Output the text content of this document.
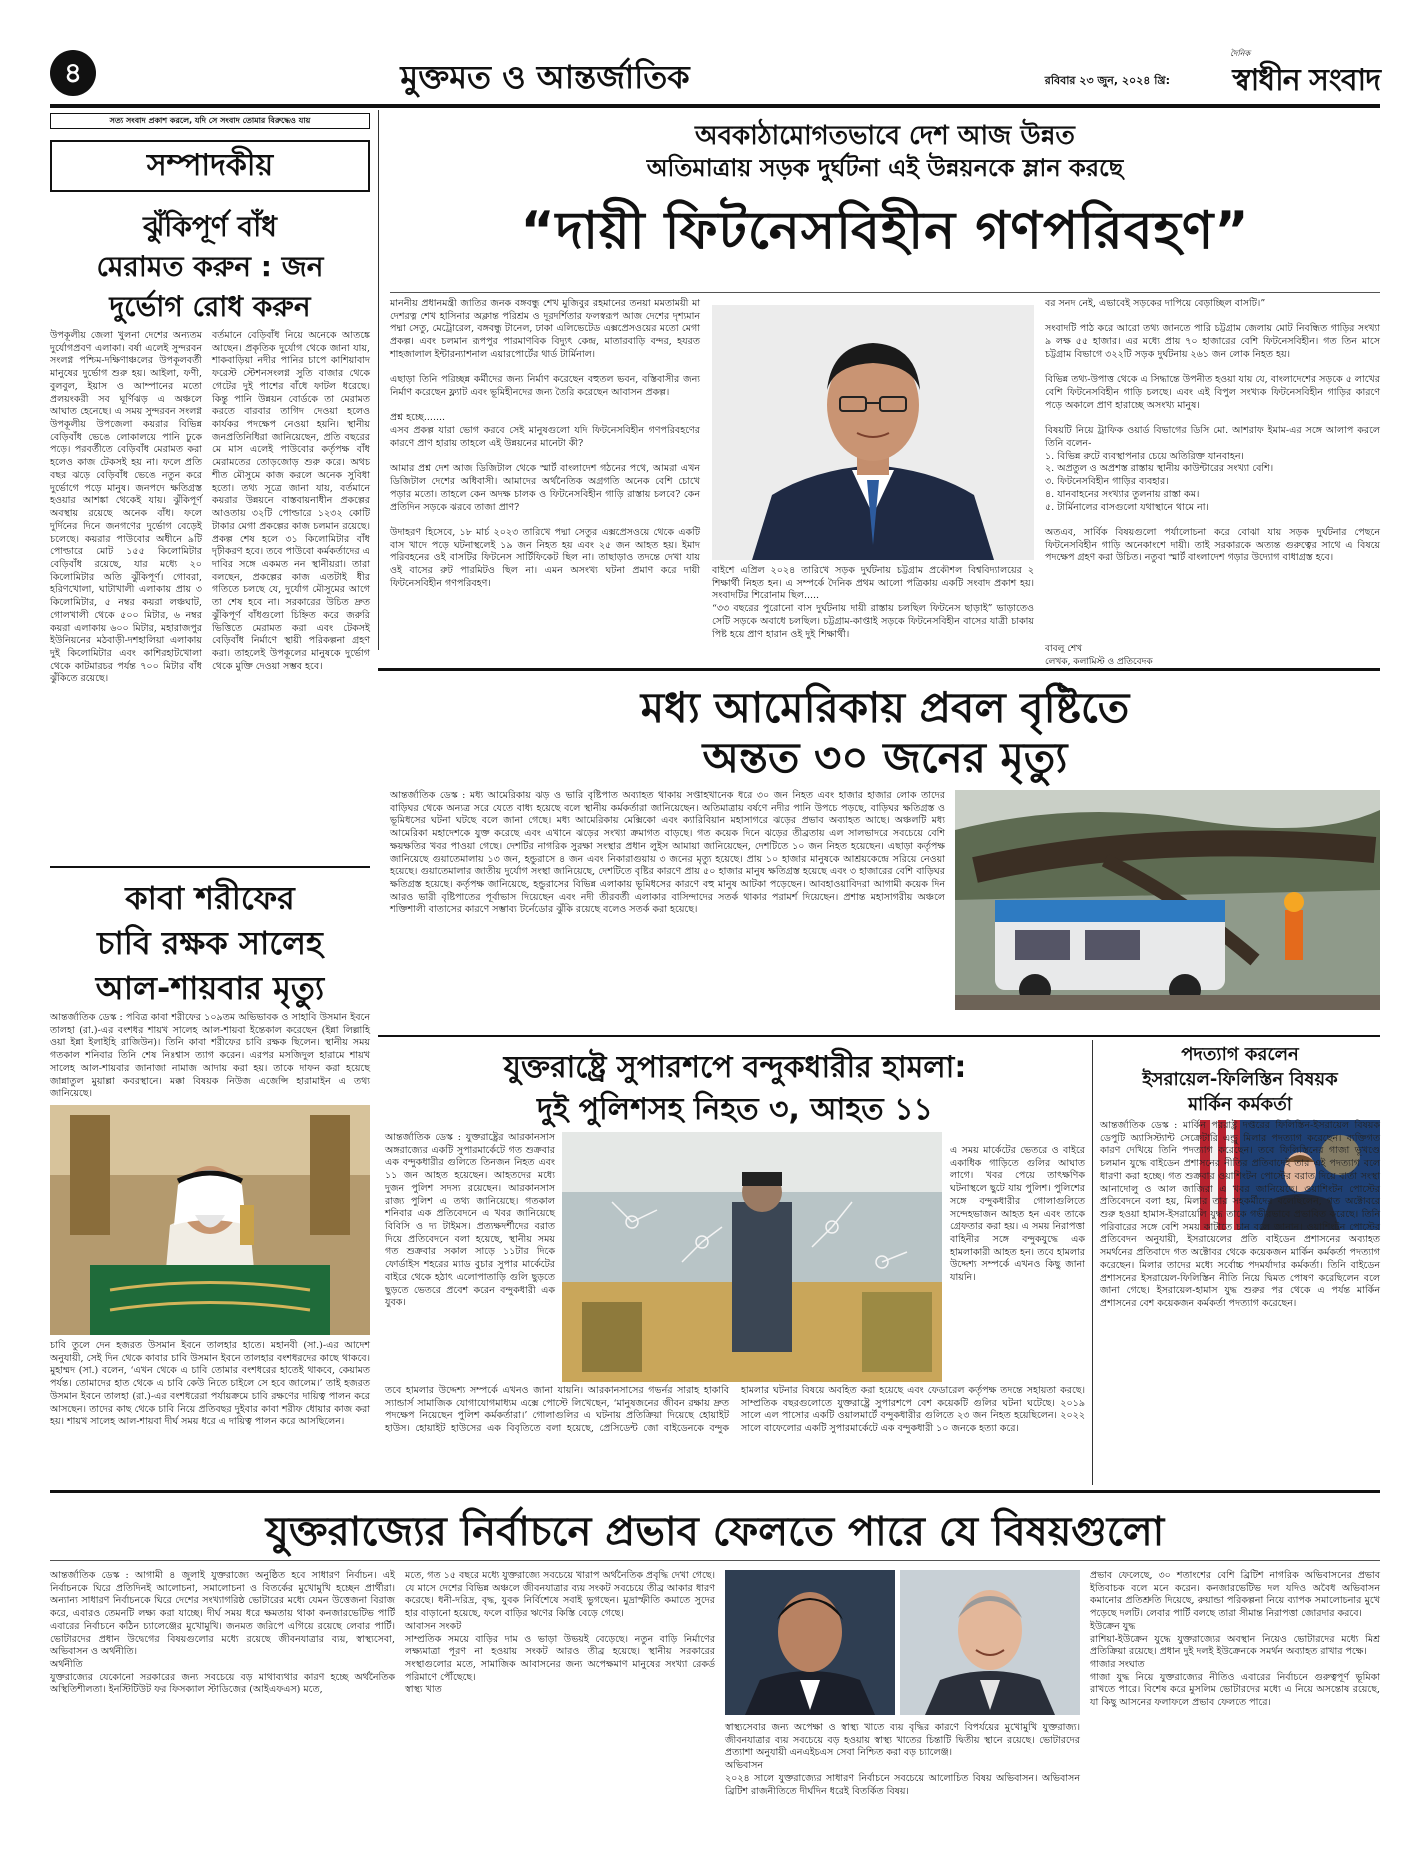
৪	মুক্তমত ও আন্তর্জাতিক	রবিবার ২৩ জুন, ২০২৪ খ্রি:
দৈনিক
স্বাধীন সংবাদ
সত্য সংবাদ প্রকাশ করলে, যদি সে সংবাদ তোমার বিরুদ্ধেও যায়
সম্পাদকীয়
ঝুঁকিপূর্ণ বাঁধ
মেরামত করুন : জন
দুর্ভোগ রোধ করুন
উপকূলীয় জেলা খুলনা দেশের অন্যতম দুর্যোগপ্রবণ এলাকা। বর্ষা এলেই সুন্দরবন সংলগ্ন পশ্চিম-দক্ষিণাঞ্চলের উপকূলবর্তী মানুষের দুর্ভোগ শুরু হয়। আইলা, ফণী, বুলবুল, ইয়াস ও আম্পানের মতো প্রলয়ংকরী সব ঘূর্ণিঝড় এ অঞ্চলে আঘাত হেনেছে। এ সময় সুন্দরবন সংলগ্ন উপকূলীয় উপজেলা কয়রার বিভিন্ন বেড়িবাঁধ ভেঙে লোকালয়ে পানি ঢুকে পড়ে। পরবর্তীতে বেড়িবাঁধ মেরামত করা হলেও কাজ টেকসই হয় না। ফলে প্রতি বছর ঝড়ে বেড়িবাঁধ ভেঙে নতুন করে দুর্ভোগে পড়ে মানুষ। জনপদে ক্ষতিগ্রস্ত হওয়ার আশঙ্কা থেকেই যায়। ঝুঁকিপূর্ণ অবস্থায় রয়েছে অনেক বাঁধ। ফলে দুর্দিনের দিনে জনগণের দুর্ভোগ বেড়েই চলেছে। কয়রার পাউবোর অধীনে ৯টি পোল্ডারে মোট ১৫৫ কিলোমিটার বেড়িবাঁধ রয়েছে, যার মধ্যে ২০ কিলোমিটার অতি ঝুঁকিপূর্ণ। গোবরা, হরিণখোলা, ঘাটাখালী এলাকায় প্রায় ৩ কিলোমিটার, ৫ নম্বর কয়রা লঞ্চঘাট, গোলখালী থেকে ৫০০ মিটার, ৬ নম্বর কয়রা এলাকায় ৬০০ মিটার, মহারাজপুর ইউনিয়নের মঠবাড়ী-দশহালিয়া এলাকায় দুই কিলোমিটার এবং কাশিরহাটখোলা থেকে কাটমারচর পর্যন্ত ৭০০ মিটার বাঁধ ঝুঁকিতে রয়েছে।
বর্তমানে বেড়িবাঁধ নিয়ে অনেকে আতঙ্কে আছেন। প্রকৃতিক দুর্যোগ থেকে জানা যায়, শাকবাড়িয়া নদীর পানির চাপে কাশিয়াবাদ ফরেস্ট স্টেশনসংলগ্ন সুতি বাজার থেকে গেটের দুই পাশের বাঁধে ফাটল ধরেছে। কিন্তু পানি উন্নয়ন বোর্ডকে তা মেরামত করতে বারবার তাগিদ দেওয়া হলেও কার্যকর পদক্ষেপ নেওয়া হয়নি। স্থানীয় জনপ্রতিনিধিরা জানিয়েছেন, প্রতি বছরের মে মাস এলেই পাউবোর কর্তৃপক্ষ বাঁধ মেরামতের তোড়জোড় শুরু করে। অথচ শীত মৌসুমে কাজ করলে অনেক সুবিধা হতো। তথ্য সূত্রে জানা যায়, বর্তমানে কয়রার উন্নয়নে বাস্তবায়নাধীন প্রকল্পের আওতায় ৩২টি পোল্ডারে ১২৩২ কোটি টাকার মেগা প্রকল্পের কাজ চলমান রয়েছে। প্রকল্প শেষ হলে ৩১ কিলোমিটার বাঁধ দৃঢ়ীকরণ হবে। তবে পাউবো কর্মকর্তাদের এ দাবির সঙ্গে একমত নন স্থানীয়রা। তারা বলছেন, প্রকল্পের কাজ এতটাই ধীর গতিতে চলছে যে, দুর্যোগ মৌসুমের আগে তা শেষ হবে না। সরকারের উচিত দ্রুত ঝুঁকিপূর্ণ বাঁধগুলো চিহ্নিত করে জরুরি ভিত্তিতে মেরামত করা এবং টেকসই বেড়িবাঁধ নির্মাণে স্থায়ী পরিকল্পনা গ্রহণ করা। তাহলেই উপকূলের মানুষকে দুর্ভোগ থেকে মুক্তি দেওয়া সম্ভব হবে।
অবকাঠামোগতভাবে দেশ আজ উন্নত
অতিমাত্রায় সড়ক দুর্ঘটনা এই উন্নয়নকে ম্লান করছে
“দায়ী ফিটনেসবিহীন গণপরিবহণ”
মাননীয় প্রধানমন্ত্রী জাতির জনক বঙ্গবন্ধু শেখ মুজিবুর রহমানের তনয়া মমতাময়ী মা দেশরত্ন শেখ হাসিনার অক্লান্ত পরিশ্রম ও দূরদর্শিতার ফলস্বরূপ আজ দেশের দৃশ্যমান পদ্মা সেতু, মেট্রোরেল, বঙ্গবন্ধু টানেল, ঢাকা এলিভেটেড এক্সপ্রেসওয়ের মতো মেগা প্রকল্প। এবং চলমান রূপপুর পারমাণবিক বিদ্যুৎ কেন্দ্র, মাতারবাড়ি বন্দর, হযরত শাহজালাল ইন্টারন্যাশনাল এয়ারপোর্টের থার্ড টার্মিনাল।

এছাড়া তিনি পরিচ্ছন্ন কর্মীদের জন্য নির্মাণ করেছেন বহুতল ভবন, বস্তিবাসীর জন্য নির্মাণ করেছেন ফ্ল্যাট এবং ভূমিহীনদের জন্য তৈরি করেছেন আবাসন প্রকল্প।

প্রশ্ন হচ্ছে.......
এসব প্রকল্প যারা ভোগ করবে সেই মানুষগুলো যদি ফিটনেসবিহীন গণপরিবহণের কারণে প্রাণ হারায় তাহলে এই উন্নয়নের মানেটা কী?

আমার প্রশ্ন দেশ আজ ডিজিটাল থেকে স্মার্ট বাংলাদেশ গঠনের পথে, আমরা এখন ডিজিটাল দেশের অধিবাসী। আমাদের অর্থনৈতিক অগ্রগতি অনেক বেশি চোখে পড়ার মতো। তাহলে কেন অদক্ষ চালক ও ফিটনেসবিহীন গাড়ি রাস্তায় চলবে? কেন প্রতিদিন সড়কে ঝরবে তাজা প্রাণ?

উদাহরণ হিসেবে, ১৮ মার্চ ২০২৩ তারিখে পদ্মা সেতুর এক্সপ্রেসওয়ে থেকে একটি বাস খাদে পড়ে ঘটনাস্থলেই ১৯ জন নিহত হয় এবং ২৫ জন আহত হয়। ইমাদ পরিবহনের ওই বাসটির ফিটনেস সার্টিফিকেট ছিল না। তাছাড়াও তদন্তে দেখা যায় ওই বাসের রুট পারমিটও ছিল না। এমন অসংখ্য ঘটনা প্রমাণ করে দায়ী ফিটনেসবিহীন গণপরিবহণ।
বাইশে এপ্রিল ২০২৪ তারিখে সড়ক দুর্ঘটনায় চট্টগ্রাম প্রকৌশল বিশ্ববিদ্যালয়ের ২ শিক্ষার্থী নিহত হন। এ সম্পর্কে দৈনিক প্রথম আলো পত্রিকায় একটি সংবাদ প্রকাশ হয়। সংবাদটির শিরোনাম ছিল.....
“৩৩ বছরের পুরোনো বাস দুর্ঘটনায় দায়ী রাস্তায় চলছিল ফিটনেস ছাড়াই” ভাড়াতেও সেটি সড়কে অবাধে চলছিল। চট্টগ্রাম-কাপ্তাই সড়কে ফিটনেসবিহীন বাসের যাত্রী চাকায় পিষ্ট হয়ে প্রাণ হারান ওই দুই শিক্ষার্থী।
বর সনদ নেই, এভাবেই সড়কের দাপিয়ে বেড়াচ্ছিল বাসটি।”

সংবাদটি পাঠ করে আরো তথ্য জানতে পারি চট্টগ্রাম জেলায় মোট নিবন্ধিত গাড়ির সংখ্যা ৯ লক্ষ ৫৫ হাজার। এর মধ্যে প্রায় ৭০ হাজারের বেশি ফিটনেসবিহীন। গত তিন মাসে চট্টগ্রাম বিভাগে ৩২২টি সড়ক দুর্ঘটনায় ২৬১ জন লোক নিহত হয়।

বিভিন্ন তথ্য-উপাত্ত থেকে এ সিদ্ধান্তে উপনীত হওয়া যায় যে, বাংলাদেশের সড়কে ৫ লাখের বেশি ফিটনেসবিহীন গাড়ি চলছে। এবং এই বিপুল সংখ্যক ফিটনেসবিহীন গাড়ির কারণে পড়ে অকালে প্রাণ হারাচ্ছে অসংখ্য মানুষ।

বিষয়টি নিয়ে ট্রাফিক ওয়ার্ড বিভাগের ডিসি মো. আশরাফ ইমাম-এর সঙ্গে আলাপ করলে তিনি বলেন-
১. বিভিন্ন রুটে ব্যবস্থাপনার চেয়ে অতিরিক্ত যানবাহন।
২. অপ্রতুল ও অপ্রশস্ত রাস্তায় স্থানীয় কাউন্টারের সংখ্যা বেশি।
৩. ফিটনেসবিহীন গাড়ির ব্যবহার।
৪. যানবাহনের সংখ্যার তুলনায় রাস্তা কম।
৫. টার্মিনালের বাসগুলো যথাস্থানে থামে না।

অতএব, সার্বিক বিষয়গুলো পর্যালোচনা করে বোঝা যায় সড়ক দুর্ঘটনার পেছনে ফিটনেসবিহীন গাড়ি অনেকাংশে দায়ী। তাই সরকারকে অত্যন্ত গুরুত্বের সাথে এ বিষয়ে পদক্ষেপ গ্রহণ করা উচিত। নতুবা স্মার্ট বাংলাদেশ গড়ার উদ্যোগ বাধাগ্রস্ত হবে।
বাবলু শেখ
লেখক, কলামিস্ট ও প্রতিবেদক
মধ্য আমেরিকায় প্রবল বৃষ্টিতে
অন্তত ৩০ জনের মৃত্যু
আন্তর্জাতিক ডেস্ক : মধ্য আমেরিকায় ঝড় ও ভারি বৃষ্টিপাত অব্যাহত থাকায় সপ্তাহখানেক ধরে ৩০ জন নিহত এবং হাজার হাজার লোক তাদের বাড়িঘর থেকে অন্যত্র সরে যেতে বাধ্য হয়েছে বলে স্থানীয় কর্মকর্তারা জানিয়েছেন। অতিমাত্রায় বর্ষণে নদীর পানি উপচে পড়ছে, বাড়িঘর ক্ষতিগ্রস্ত ও ভূমিধসের ঘটনা ঘটছে বলে জানা গেছে। মধ্য আমেরিকায় মেক্সিকো এবং ক্যারিবিয়ান মহাসাগরে ঝড়ের প্রভাব অব্যাহত আছে। অঞ্চলটি মধ্য আমেরিকা মহাদেশকে যুক্ত করেছে এবং এখানে ঝড়ের সংখ্যা ক্রমাগত বাড়ছে। গত কয়েক দিনে ঝড়ের তীব্রতায় এল সালভাদরে সবচেয়ে বেশি ক্ষয়ক্ষতির খবর পাওয়া গেছে। দেশটির নাগরিক সুরক্ষা সংস্থার প্রধান লুইস আমায়া জানিয়েছেন, দেশটিতে ১০ জন নিহত হয়েছেন। এছাড়া কর্তৃপক্ষ জানিয়েছে গুয়াতেমালায় ১৩ জন, হন্ডুরাসে ৪ জন এবং নিকারাগুয়ায় ৩ জনের মৃত্যু হয়েছে। প্রায় ১০ হাজার মানুষকে আশ্রয়কেন্দ্রে সরিয়ে নেওয়া হয়েছে। গুয়াতেমালার জাতীয় দুর্যোগ সংস্থা জানিয়েছে, দেশটিতে বৃষ্টির কারণে প্রায় ৫০ হাজার মানুষ ক্ষতিগ্রস্ত হয়েছে এবং ৩ হাজারের বেশি বাড়িঘর ক্ষতিগ্রস্ত হয়েছে। কর্তৃপক্ষ জানিয়েছে, হন্ডুরাসের বিভিন্ন এলাকায় ভূমিধসের কারণে বহু মানুষ আটকা পড়েছেন। আবহাওয়াবিদরা আগামী কয়েক দিন আরও ভারী বৃষ্টিপাতের পূর্বাভাস দিয়েছেন এবং নদী তীরবর্তী এলাকার বাসিন্দাদের সতর্ক থাকার পরামর্শ দিয়েছেন। প্রশান্ত মহাসাগরীয় অঞ্চলে শক্তিশালী বাতাসের কারণে সম্ভাব্য টর্নেডোর ঝুঁকি রয়েছে বলেও সতর্ক করা হয়েছে।
কাবা শরীফের
চাবি রক্ষক সালেহ
আল-শায়বার মৃত্যু
আন্তর্জাতিক ডেস্ক : পবিত্র কাবা শরীফের ১০৯তম অভিভাবক ও সাহাবি উসমান ইবনে তালহা (রা.)-এর বংশধর শায়খ সালেহ আল-শায়বা ইন্তেকাল করেছেন (ইন্না লিল্লাহি ওয়া ইন্না ইলাইহি রাজিউন)। তিনি কাবা শরীফের চাবি রক্ষক ছিলেন। স্থানীয় সময় গতকাল শনিবার তিনি শেষ নিঃশ্বাস ত্যাগ করেন। এরপর মসজিদুল হারামে শায়খ সালেহ আল-শায়বার জানাজা নামাজ আদায় করা হয়। তাকে দাফন করা হয়েছে জান্নাতুল মুয়াল্লা কবরস্থানে। মক্কা বিষয়ক নিউজ এজেন্সি হারামাইন এ তথ্য জানিয়েছে।
চাবি তুলে দেন হজরত উসমান ইবনে তালহার হাতে। মহানবী (সা.)-এর আদেশ অনুযায়ী, সেই দিন থেকে কাবার চাবি উসমান ইবনে তালহার বংশধরদের কাছে থাকবে। মুহাম্মদ (সা.) বলেন, ‘এখন থেকে এ চাবি তোমার বংশধরের হাতেই থাকবে, কেয়ামত পর্যন্ত। তোমাদের হাত থেকে এ চাবি কেউ নিতে চাইলে সে হবে জালেম।’ তাই হজরত উসমান ইবনে তালহা (রা.)-এর বংশধরেরা পর্যায়ক্রমে চাবি রক্ষণের দায়িত্ব পালন করে আসছেন। তাদের কাছ থেকে চাবি নিয়ে প্রতিবছর দুইবার কাবা শরীফ ধোয়ার কাজ করা হয়। শায়খ সালেহ আল-শায়বা দীর্ঘ সময় ধরে এ দায়িত্ব পালন করে আসছিলেন।
যুক্তরাষ্ট্রে সুপারশপে বন্দুকধারীর হামলা:
দুই পুলিশসহ নিহত ৩, আহত ১১
আন্তর্জাতিক ডেস্ক : যুক্তরাষ্ট্রের আরকানসাস অঙ্গরাজ্যের একটি সুপারমার্কেটে গত শুক্রবার এক বন্দুকধারীর গুলিতে তিনজন নিহত এবং ১১ জন আহত হয়েছেন। আহতদের মধ্যে দুজন পুলিশ সদস্য রয়েছেন। আরকানসাস রাজ্য পুলিশ এ তথ্য জানিয়েছে। গতকাল শনিবার এক প্রতিবেদনে এ খবর জানিয়েছে বিবিসি ও দ্য টাইমস। প্রত্যক্ষদর্শীদের বরাত দিয়ে প্রতিবেদনে বলা হয়েছে, স্থানীয় সময় গত শুক্রবার সকাল সাড়ে ১১টার দিকে ফোর্ডাইস শহরের ম্যাড বুচার সুপার মার্কেটের বাইরে থেকে হঠাৎ এলোপাতাড়ি গুলি ছুড়তে ছুড়তে ভেতরে প্রবেশ করেন বন্দুকধারী এক যুবক।
এ সময় মার্কেটের ভেতরে ও বাইরে একাধিক গাড়িতে গুলির আঘাত লাগে। খবর পেয়ে তাৎক্ষণিক ঘটনাস্থলে ছুটে যায় পুলিশ। পুলিশের সঙ্গে বন্দুকধারীর গোলাগুলিতে সন্দেহভাজন আহত হন এবং তাকে গ্রেফতার করা হয়। এ সময় নিরাপত্তা বাহিনীর সঙ্গে বন্দুকযুদ্ধে এক হামলাকারী আহত হন। তবে হামলার উদ্দেশ্য সম্পর্কে এখনও কিছু জানা যায়নি।
তবে হামলার উদ্দেশ্য সম্পর্কে এখনও জানা যায়নি। আরকানসাসের গভর্নর সারাহ হাকাবি স্যান্ডার্স সামাজিক যোগাযোগমাধ্যম এক্সে পোস্টে লিখেছেন, ‘মানুষজনের জীবন রক্ষায় দ্রুত পদক্ষেপ নিয়েছেন পুলিশ কর্মকর্তারা।’ গোলাগুলির এ ঘটনায় প্রতিক্রিয়া দিয়েছে হোয়াইট হাউস। হোয়াইট হাউসের এক বিবৃতিতে বলা হয়েছে, প্রেসিডেন্ট জো বাইডেনকে বন্দুক হামলার ঘটনার বিষয়ে অবহিত করা হয়েছে এবং ফেডারেল কর্তৃপক্ষ তদন্তে সহায়তা করছে। সাম্প্রতিক বছরগুলোতে যুক্তরাষ্ট্রে সুপারশপে বেশ কয়েকটি গুলির ঘটনা ঘটেছে। ২০১৯ সালে এল পাসোর একটি ওয়ালমার্টে বন্দুকধারীর গুলিতে ২৩ জন নিহত হয়েছিলেন। ২০২২ সালে বাফেলোর একটি সুপারমার্কেটে এক বন্দুকধারী ১০ জনকে হত্যা করে।
পদত্যাগ করলেন
ইসরায়েল-ফিলিস্তিন বিষয়ক
মার্কিন কর্মকর্তা
আন্তর্জাতিক ডেস্ক : মার্কিন পররাষ্ট্র দপ্তরের ফিলিস্তিন-ইসরায়েল বিষয়ক ডেপুটি অ্যাসিস্ট্যান্ট সেক্রেটারি এন্ড্রু মিলার পদত্যাগ করেছেন। ব্যক্তিগত কারণ দেখিয়ে তিনি পদত্যাগ করেছেন। তবে ফিলিস্তিনের গাজা ভূখণ্ডে চলমান যুদ্ধে বাইডেন প্রশাসনের নীতির প্রতিবাদেই তার এই পদত্যাগ বলে ধারণা করা হচ্ছে। গত শুক্রবার ওয়াশিংটন পোস্টের বরাত দিয়ে বার্তা সংস্থা আনাদোলু ও আল জাজিরা এ খবর জানিয়েছে। ওয়াশিংটন পোস্টের প্রতিবেদনে বলা হয়, মিলার তার সহকর্মীদের বলেছিলেন, গত অক্টোবরে শুরু হওয়া হামাস-ইসরায়েলি যুদ্ধ তাকে গভীরভাবে প্রভাবিত করেছে। তিনি পরিবারের সঙ্গে বেশি সময় কাটাতে চান বলে জানান। ওয়াশিংটন পোস্টের প্রতিবেদন অনুযায়ী, ইসরায়েলের প্রতি বাইডেন প্রশাসনের অব্যাহত সমর্থনের প্রতিবাদে গত অক্টোবর থেকে কয়েকজন মার্কিন কর্মকর্তা পদত্যাগ করেছেন। মিলার তাদের মধ্যে সর্বোচ্চ পদমর্যাদার কর্মকর্তা। তিনি বাইডেন প্রশাসনের ইসরায়েল-ফিলিস্তিন নীতি নিয়ে দ্বিমত পোষণ করেছিলেন বলে জানা গেছে। ইসরায়েল-হামাস যুদ্ধ শুরুর পর থেকে এ পর্যন্ত মার্কিন প্রশাসনের বেশ কয়েকজন কর্মকর্তা পদত্যাগ করেছেন।
যুক্তরাজ্যের নির্বাচনে প্রভাব ফেলতে পারে যে বিষয়গুলো
আন্তর্জাতিক ডেস্ক : আগামী ৪ জুলাই যুক্তরাজ্যে অনুষ্ঠিত হবে সাধারণ নির্বাচন। এই নির্বাচনকে ঘিরে প্রতিদিনই আলোচনা, সমালোচনা ও বিতর্কের মুখোমুখি হচ্ছেন প্রার্থীরা। অন্যান্য সাধারণ নির্বাচনকে ঘিরে দেশের সংখ্যাগরিষ্ঠ ভোটারের মধ্যে যেমন উত্তেজনা বিরাজ করে, এবারও তেমনটি লক্ষ্য করা যাচ্ছে। দীর্ঘ সময় ধরে ক্ষমতায় থাকা কনজারভেটিভ পার্টি এবারের নির্বাচনে কঠিন চ্যালেঞ্জের মুখোমুখি। জনমত জরিপে এগিয়ে রয়েছে লেবার পার্টি। ভোটারদের প্রধান উদ্বেগের বিষয়গুলোর মধ্যে রয়েছে জীবনযাত্রার ব্যয়, স্বাস্থ্যসেবা, অভিবাসন ও অর্থনীতি।
অর্থনীতি
যুক্তরাজ্যের যেকোনো সরকারের জন্য সবচেয়ে বড় মাথাব্যথার কারণ হচ্ছে অর্থনৈতিক অস্থিতিশীলতা। ইনস্টিটিউট ফর ফিসক্যাল স্টাডিজের (আইএফএস) মতে,
মতে, গত ১৫ বছরে মধ্যে যুক্তরাজ্যে সবচেয়ে খারাপ অর্থনৈতিক প্রবৃদ্ধি দেখা গেছে। যে মাসে দেশের বিভিন্ন অঞ্চলে জীবনযাত্রার ব্যয় সংকট সবচেয়ে তীব্র আকার ধারণ করেছে। ধনী-দরিদ্র, বৃদ্ধ, যুবক নির্বিশেষে সবাই ভুগছেন। মুদ্রাস্ফীতি কমাতে সুদের হার বাড়ানো হয়েছে, ফলে বাড়ির ঋণের কিস্তি বেড়ে গেছে।
আবাসন সংকট
সাম্প্রতিক সময়ে বাড়ির দাম ও ভাড়া উভয়ই বেড়েছে। নতুন বাড়ি নির্মাণের লক্ষ্যমাত্রা পূরণ না হওয়ায় সংকট আরও তীব্র হয়েছে। স্থানীয় সরকারের সংস্থাগুলোর মতে, সামাজিক আবাসনের জন্য অপেক্ষমাণ মানুষের সংখ্যা রেকর্ড পরিমাণে পৌঁছেছে।
স্বাস্থ্য খাত
স্বাস্থ্যসেবার জন্য অপেক্ষা ও স্বাস্থ্য খাতে ব্যয় বৃদ্ধির কারণে বিপর্যয়ের মুখোমুখি যুক্তরাজ্য। জীবনযাত্রার ব্যয় সবচেয়ে বড় হওয়ায় স্বাস্থ্য খাতের চিন্তাটি দ্বিতীয় স্থানে রয়েছে। ভোটারদের প্রত্যাশা অনুযায়ী এনএইচএস সেবা নিশ্চিত করা বড় চ্যালেঞ্জ।
অভিবাসন
২০২৪ সালে যুক্তরাজ্যের সাধারণ নির্বাচনে সবচেয়ে আলোচিত বিষয় অভিবাসন। অভিবাসন ব্রিটিশ রাজনীতিতে দীর্ঘদিন ধরেই বিতর্কিত বিষয়।
প্রভাব ফেলেছে, ৩০ শতাংশের বেশি ব্রিটিশ নাগরিক অভিবাসনের প্রভাব ইতিবাচক বলে মনে করেন। কনজারভেটিভ দল যদিও অবৈধ অভিবাসন কমানোর প্রতিশ্রুতি দিয়েছে, রুয়ান্ডা পরিকল্পনা নিয়ে ব্যাপক সমালোচনার মুখে পড়েছে দলটি। লেবার পার্টি বলছে তারা সীমান্ত নিরাপত্তা জোরদার করবে।
ইউক্রেন যুদ্ধ
রাশিয়া-ইউক্রেন যুদ্ধে যুক্তরাজ্যের অবস্থান নিয়েও ভোটারদের মধ্যে মিশ্র প্রতিক্রিয়া রয়েছে। প্রধান দুই দলই ইউক্রেনকে সমর্থন অব্যাহত রাখার পক্ষে।
গাজার সংঘাত
গাজা যুদ্ধ নিয়ে যুক্তরাজ্যের নীতিও এবারের নির্বাচনে গুরুত্বপূর্ণ ভূমিকা রাখতে পারে। বিশেষ করে মুসলিম ভোটারদের মধ্যে এ নিয়ে অসন্তোষ রয়েছে, যা কিছু আসনের ফলাফলে প্রভাব ফেলতে পারে।
